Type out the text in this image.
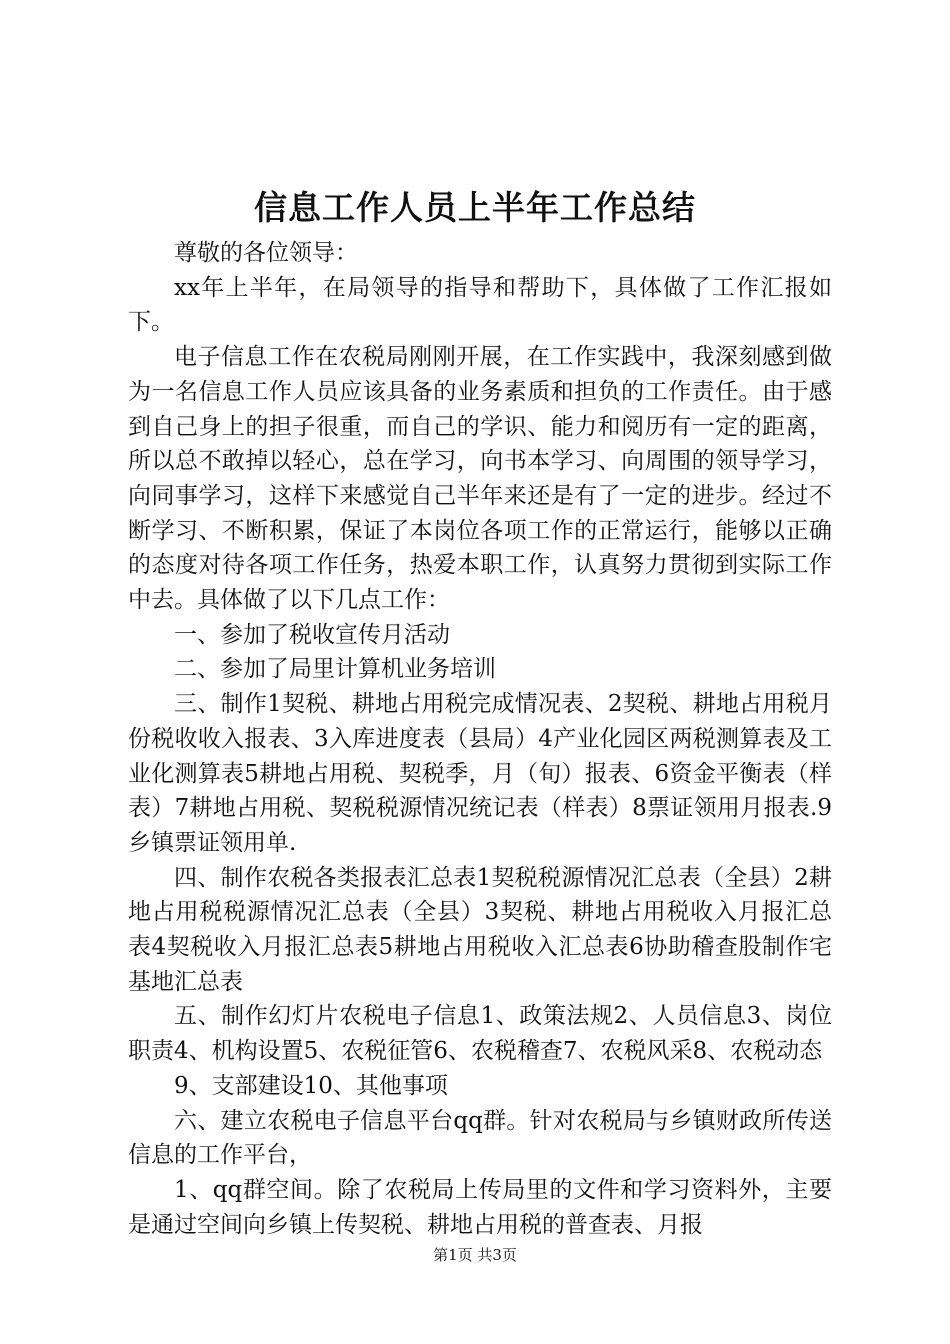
信息工作人员上半年工作总结

尊敬的各位领导：

xx年上半年，在局领导的指导和帮助下，具体做了工作汇报如下。

电子信息工作在农税局刚刚开展，在工作实践中，我深刻感到做为一名信息工作人员应该具备的业务素质和担负的工作责任。由于感到自己身上的担子很重，而自己的学识、能力和阅历有一定的距离，所以总不敢掉以轻心，总在学习，向书本学习、向周围的领导学习，向同事学习，这样下来感觉自己半年来还是有了一定的进步。经过不断学习、不断积累，保证了本岗位各项工作的正常运行，能够以正确的态度对待各项工作任务，热爱本职工作，认真努力贯彻到实际工作中去。具体做了以下几点工作：

一、参加了税收宣传月活动

二、参加了局里计算机业务培训

三、制作1契税、耕地占用税完成情况表、2契税、耕地占用税月份税收收入报表、3入库进度表（县局）4产业化园区两税测算表及工业化测算表5耕地占用税、契税季，月（旬）报表、6资金平衡表（样表）7耕地占用税、契税税源情况统记表（样表）8票证领用月报表.9乡镇票证领用单.

四、制作农税各类报表汇总表1契税税源情况汇总表（全县）2耕地占用税税源情况汇总表（全县）3契税、耕地占用税收入月报汇总表4契税收入月报汇总表5耕地占用税收入汇总表6协助稽查股制作宅基地汇总表

五、制作幻灯片农税电子信息1、政策法规2、人员信息3、岗位职责4、机构设置5、农税征管6、农税稽查7、农税风采8、农税动态

9、支部建设10、其他事项

六、建立农税电子信息平台qq群。针对农税局与乡镇财政所传送信息的工作平台，

1、qq群空间。除了农税局上传局里的文件和学习资料外，主要是通过空间向乡镇上传契税、耕地占用税的普查表、月报

第1页 共3页
